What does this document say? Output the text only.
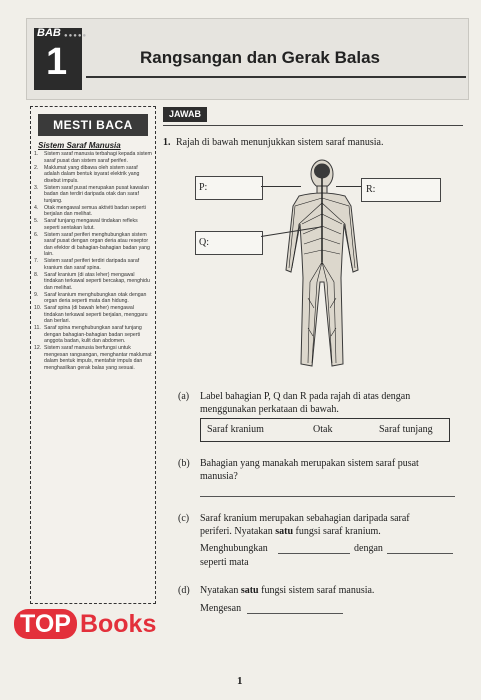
BAB ●●●●●
1	Rangsangan dan Gerak Balas
MESTI BACA
Sistem Saraf Manusia
1.	Sistem saraf manusia terbahagi kepada sistem saraf pusat dan sistem saraf periferi.
2.	Maklumat yang dibawa oleh sistem saraf adalah dalam bentuk isyarat elektrik yang disebut impuls.
3.	Sistem saraf pusat merupakan pusat kawalan badan dan terdiri daripada otak dan saraf tunjang.
4.	Otak mengawal semua aktiviti badan seperti berjalan dan melihat.
5.	Saraf tunjang mengawal tindakan refleks seperti sentakan lutut.
6.	Sistem saraf periferi menghubungkan sistem saraf pusat dengan organ deria atau reseptor dan efektor di bahagian-bahagian badan yang lain.
7.	Sistem saraf periferi terdiri daripada saraf kranium dan saraf spina.
8.	Saraf kranium (di atas leher) mengawal tindakan terkawal seperti bercakap, menghidu dan melihat.
9.	Saraf kranium menghubungkan otak dengan organ deria seperti mata dan hidung.
10. Saraf spina (di bawah leher) mengawal tindakan terkawal seperti berjalan, menggaru dan berlari.
11. Saraf spina menghubungkan saraf tunjang dengan bahagian-bahagian badan seperti anggota badan, kulit dan abdomen.
12. Sistem saraf manusia berfungsi untuk mengesan rangsangan, menghantar maklumat dalam bentuk impuls, mentafsir impuls dan menghasilkan gerak balas yang sesuai.
JAWAB
1. Rajah di bawah menunjukkan sistem saraf manusia.
P:
Q:
R:
(a) Label bahagian P, Q dan R pada rajah di atas dengan
menggunakan perkataan di bawah.
Saraf kranium	Otak	Saraf tunjang
(b) Bahagian yang manakah merupakan sistem saraf pusat
manusia?
(c) Saraf kranium merupakan sebahagian daripada saraf
periferi. Nyatakan satu fungsi saraf kranium.
Menghubungkan	dengan
seperti mata
(d) Nyatakan satu fungsi sistem saraf manusia.
Mengesan
TOP Books
1
